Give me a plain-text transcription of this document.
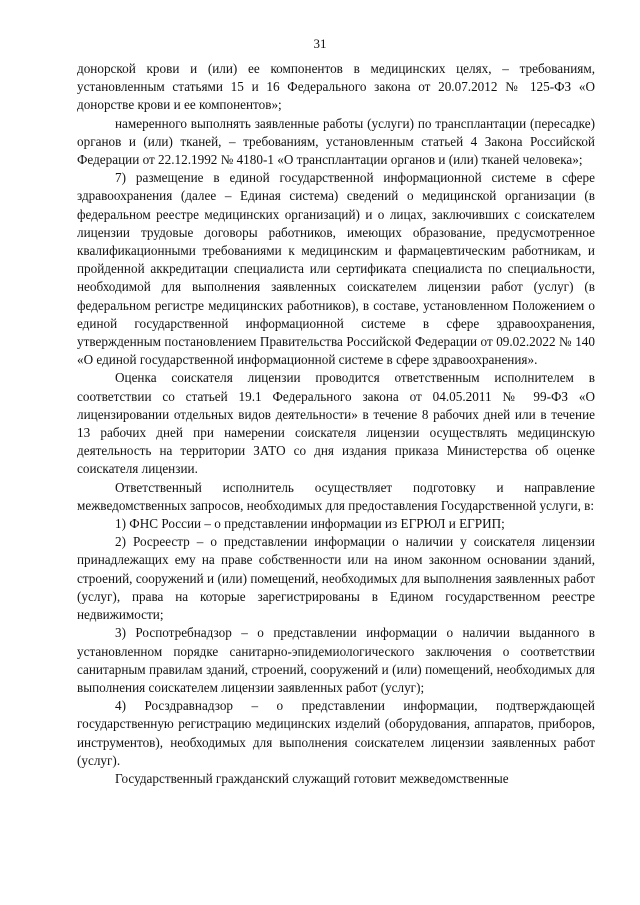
31

донорской крови и (или) ее компонентов в медицинских целях, – требованиям, установленным статьями 15 и 16 Федерального закона от 20.07.2012 № 125-ФЗ «О донорстве крови и ее компонентов»;

намеренного выполнять заявленные работы (услуги) по трансплантации (пересадке) органов и (или) тканей, – требованиям, установленным статьей 4 Закона Российской Федерации от 22.12.1992 № 4180-1 «О трансплантации органов и (или) тканей человека»;

7) размещение в единой государственной информационной системе в сфере здравоохранения (далее – Единая система) сведений о медицинской организации (в федеральном реестре медицинских организаций) и о лицах, заключивших с соискателем лицензии трудовые договоры работников, имеющих образование, предусмотренное квалификационными требованиями к медицинским и фармацевтическим работникам, и пройденной аккредитации специалиста или сертификата специалиста по специальности, необходимой для выполнения заявленных соискателем лицензии работ (услуг) (в федеральном регистре медицинских работников), в составе, установленном Положением о единой государственной информационной системе в сфере здравоохранения, утвержденным постановлением Правительства Российской Федерации от 09.02.2022 № 140 «О единой государственной информационной системе в сфере здравоохранения».

Оценка соискателя лицензии проводится ответственным исполнителем в соответствии со статьей 19.1 Федерального закона от 04.05.2011 № 99-ФЗ «О лицензировании отдельных видов деятельности» в течение 8 рабочих дней или в течение 13 рабочих дней при намерении соискателя лицензии осуществлять медицинскую деятельность на территории ЗАТО со дня издания приказа Министерства об оценке соискателя лицензии.

Ответственный исполнитель осуществляет подготовку и направление межведомственных запросов, необходимых для предоставления Государственной услуги, в:

1) ФНС России – о представлении информации из ЕГРЮЛ и ЕГРИП;

2) Росреестр – о представлении информации о наличии у соискателя лицензии принадлежащих ему на праве собственности или на ином законном основании зданий, строений, сооружений и (или) помещений, необходимых для выполнения заявленных работ (услуг), права на которые зарегистрированы в Едином государственном реестре недвижимости;

3) Роспотребнадзор – о представлении информации о наличии выданного в установленном порядке санитарно-эпидемиологического заключения о соответствии санитарным правилам зданий, строений, сооружений и (или) помещений, необходимых для выполнения соискателем лицензии заявленных работ (услуг);

4) Росздравнадзор – о представлении информации, подтверждающей государственную регистрацию медицинских изделий (оборудования, аппаратов, приборов, инструментов), необходимых для выполнения соискателем лицензии заявленных работ (услуг).

Государственный гражданский служащий готовит межведомственные
